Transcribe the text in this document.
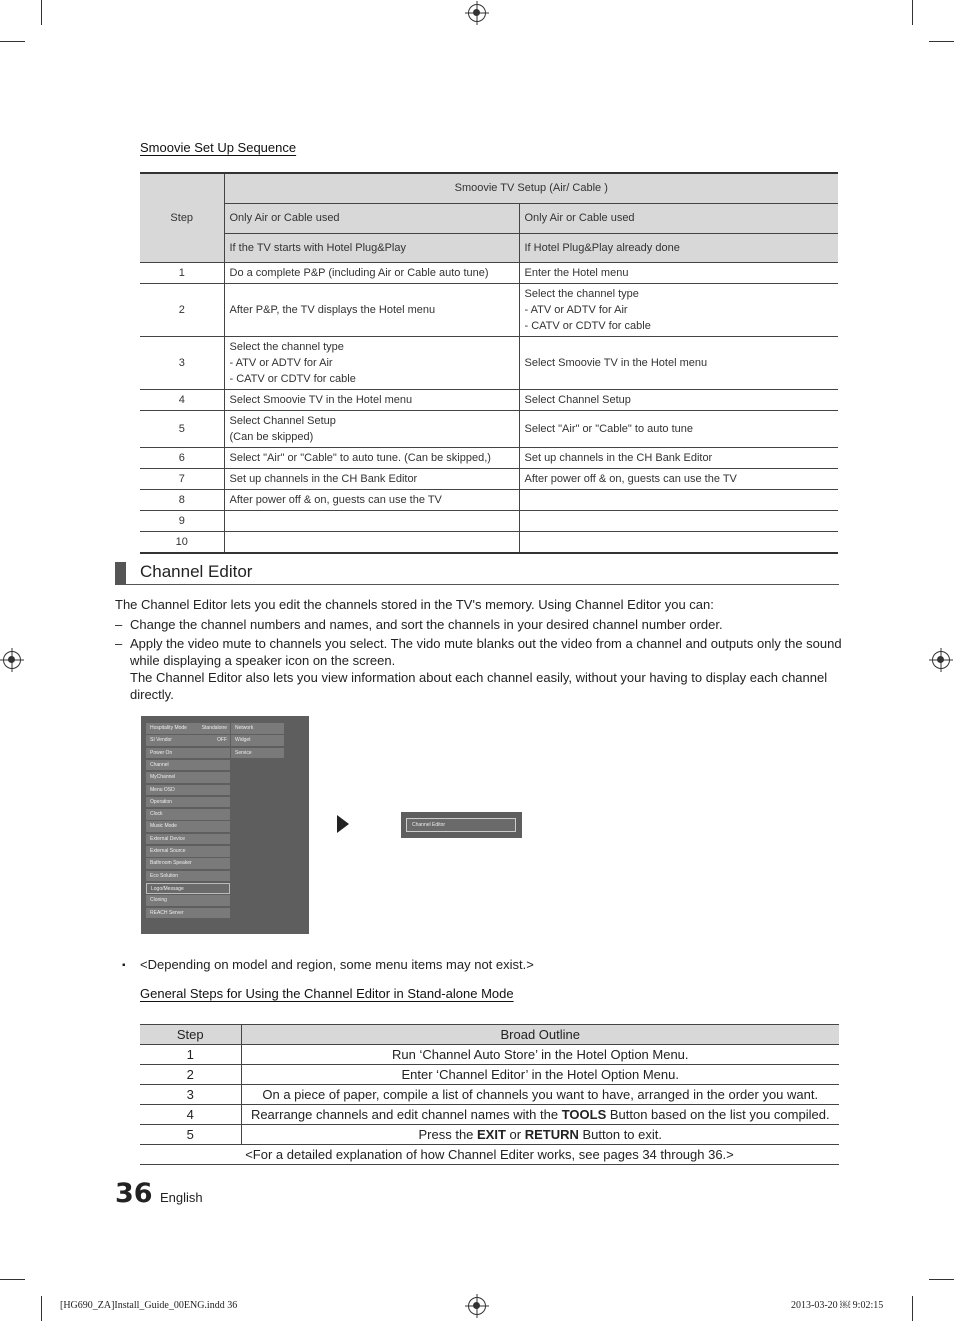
Smoovie Set Up Sequence
Step	Smoovie TV Setup (Air/ Cable )	
	Only Air or Cable used	Only Air or Cable used
	If the TV starts with Hotel Plug&Play	If Hotel Plug&Play already done
1	Do a complete P&P (including Air or Cable auto tune)	Enter the Hotel menu
2	After P&P, the TV displays the Hotel menu	Select the channel type
- ATV or ADTV for Air
- CATV or CDTV for cable
3	Select the channel type
- ATV or ADTV for Air
- CATV or CDTV for cable	Select Smoovie TV in the Hotel menu
4	Select Smoovie TV in the Hotel menu	Select Channel Setup
5	Select Channel Setup
(Can be skipped)	Select "Air" or "Cable" to auto tune
6	Select "Air" or "Cable" to auto tune. (Can be skipped,)	Set up channels in the CH Bank Editor
7	Set up channels in the CH Bank Editor	After power off & on, guests can use the TV
8	After power off & on, guests can use the TV	
9		
10		
Channel Editor
The Channel Editor lets you edit the channels stored in the TV's memory. Using Channel Editor you can:
– Change the channel numbers and names, and sort the channels in your desired channel number order.
– Apply the video mute to channels you select. The vido mute blanks out the video from a channel and outputs only the sound while displaying a speaker icon on the screen.
The Channel Editor also lets you view information about each channel easily, without your having to display each channel directly.
Hospitality Mode	Standalone
SI Vendor	OFF
Power On
Channel
MyChannel
Menu OSD
Operation
Clock
Music Mode
External Device
External Source
Bathroom Speaker
Eco Solution
Logo/Message
Cloning
REACH Server
Network
Widget
Service
Channel Editor
▪ <Depending on model and region, some menu items may not exist.>
General Steps for Using the Channel Editor in Stand-alone Mode
Step	Broad Outline
1	Run ‘Channel Auto Store’ in the Hotel Option Menu.
2	Enter ‘Channel Editor’ in the Hotel Option Menu.
3	On a piece of paper, compile a list of channels you want to have, arranged in the order you want.
4	Rearrange channels and edit channel names with the TOOLS Button based on the list you compiled.
5	Press the EXIT or RETURN Button to exit.
<For a detailed explanation of how Channel Editer works, see pages 34 through 36.>	
36 English
[HG690_ZA]Install_Guide_00ENG.indd 36	2013-03-20 ￼ 9:02:15
